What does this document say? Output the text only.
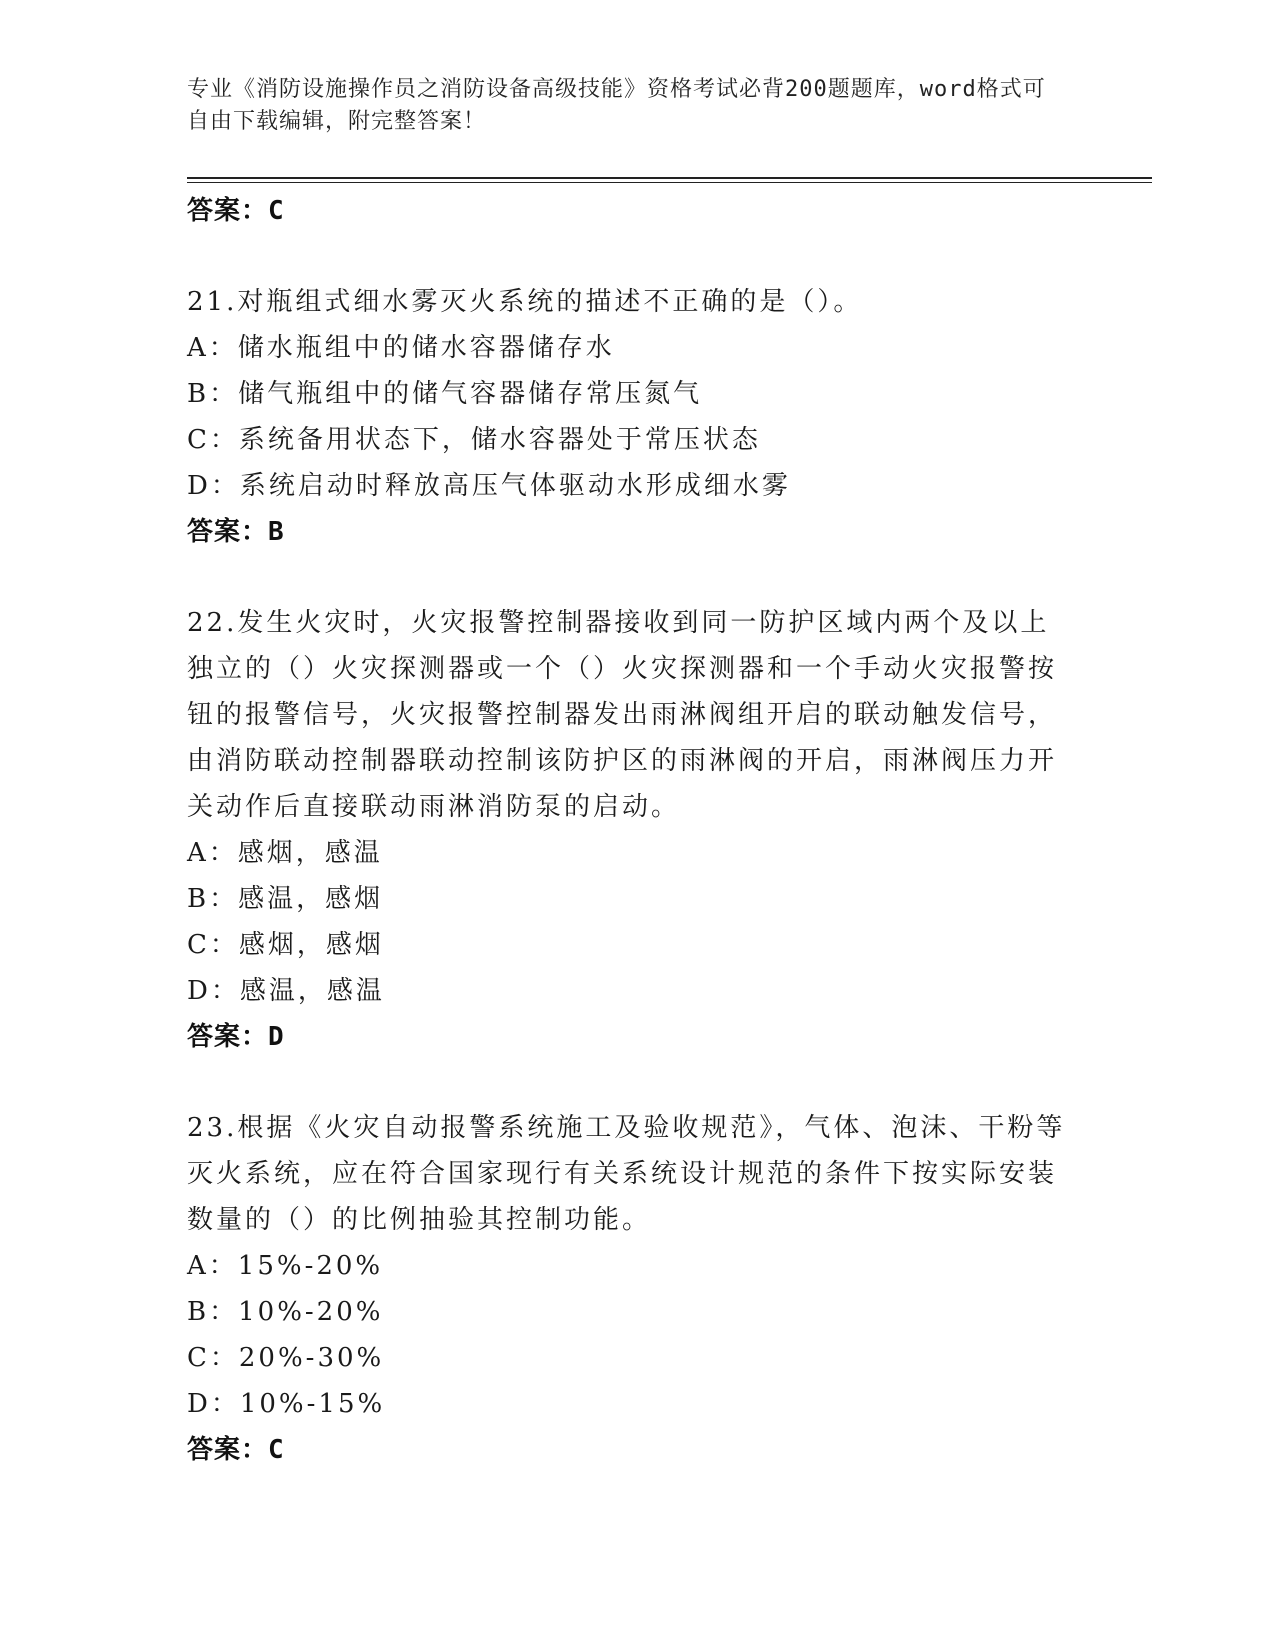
专业《消防设施操作员之消防设备高级技能》资格考试必背200题题库，word格式可自由下载编辑，附完整答案！
答案：C
21.对瓶组式细水雾灭火系统的描述不正确的是（）。
A：储水瓶组中的储水容器储存水
B：储气瓶组中的储气容器储存常压氮气
C：系统备用状态下，储水容器处于常压状态
D：系统启动时释放高压气体驱动水形成细水雾
答案：B
22.发生火灾时，火灾报警控制器接收到同一防护区域内两个及以上独立的（）火灾探测器或一个（）火灾探测器和一个手动火灾报警按钮的报警信号，火灾报警控制器发出雨淋阀组开启的联动触发信号，由消防联动控制器联动控制该防护区的雨淋阀的开启，雨淋阀压力开关动作后直接联动雨淋消防泵的启动。
A：感烟，感温
B：感温，感烟
C：感烟，感烟
D：感温，感温
答案：D
23.根据《火灾自动报警系统施工及验收规范》，气体、泡沫、干粉等灭火系统，应在符合国家现行有关系统设计规范的条件下按实际安装数量的（）的比例抽验其控制功能。
A：15%-20%
B：10%-20%
C：20%-30%
D：10%-15%
答案：C
